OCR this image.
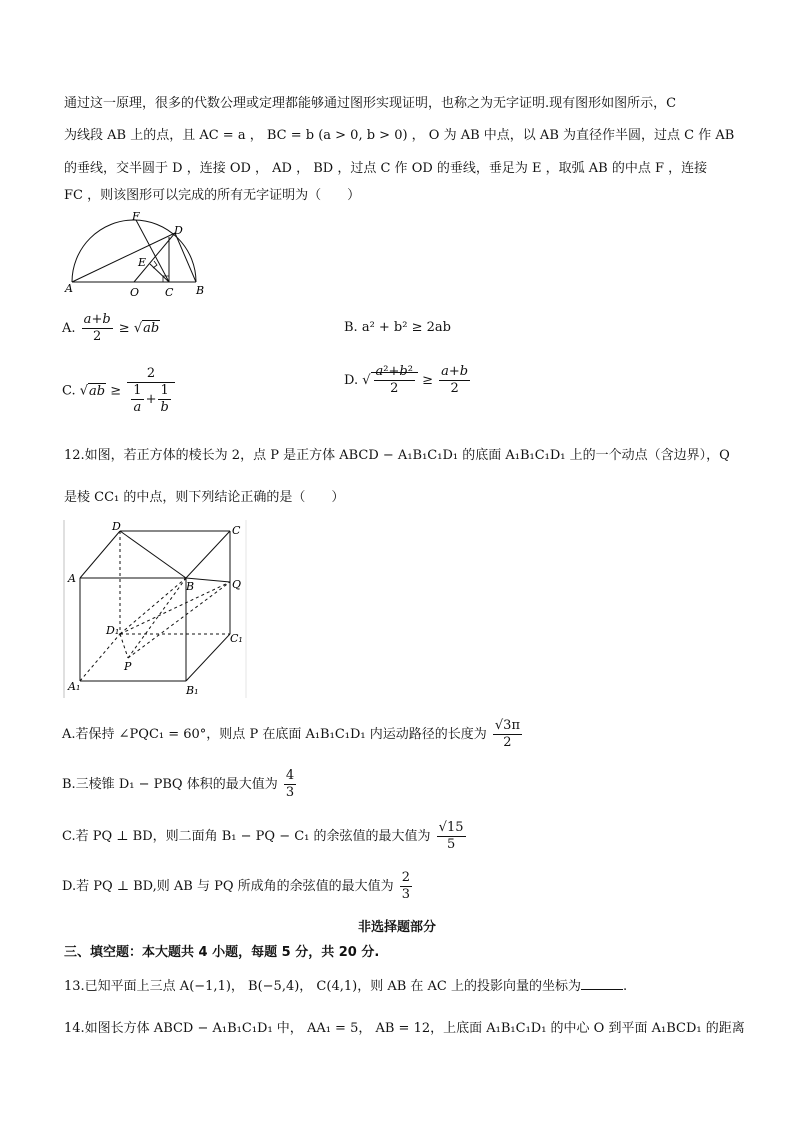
通过这一原理，很多的代数公理或定理都能够通过图形实现证明，也称之为无字证明.现有图形如图所示，C
为线段 AB 上的点，且 AC = a ， BC = b (a > 0, b > 0) ， O 为 AB 中点，以 AB 为直径作半圆，过点 C 作 AB
的垂线，交半圆于 D ，连接 OD ， AD ， BD ，过点 C 作 OD 的垂线，垂足为 E ，取弧 AB 的中点 F ，连接
FC ，则该图形可以完成的所有无字证明为（　　）
F
D
E
A	O C B
A. $\frac{a+b}{2} \ge √ab$	B. a² + b² ≥ 2ab
C. $√ab \ge \frac{2}{\frac{1}{a} + \frac{1}{b}}$	D. √ $\frac{\text{a²+b²}}{2} \ge \frac{a+b}{2}$
12.如图，若正方体的棱长为 2，点 P 是正方体 ABCD − A₁B₁C₁D₁ 的底面 A₁B₁C₁D₁ 上的一个动点（含边界），Q
是棱 CC₁ 的中点，则下列结论正确的是（　　）
D	C
A
B	Q
D₁
C₁
P
A₁	B₁
A.若保持 ∠PQC₁ = 60°，则点 P 在底面 A₁B₁C₁D₁ 内运动路径的长度为 $\frac{√3\pi}{2}$
B.三棱锥 D₁ − PBQ 体积的最大值为 $\frac{4}{3}$
C.若 PQ ⊥ BD，则二面角 B₁ − PQ − C₁ 的余弦值的最大值为 $\frac{√15}{5}$
D.若 PQ ⊥ BD,则 AB 与 PQ 所成角的余弦值的最大值为 $\frac{2}{3}$
非选择题部分
三、填空题：本大题共 4 小题，每题 5 分，共 20 分.
13.已知平面上三点 A(−1,1)， B(−5,4)， C(4,1)，则 AB 在 AC 上的投影向量的坐标为	.
14.如图长方体 ABCD − A₁B₁C₁D₁ 中， AA₁ = 5， AB = 12，上底面 A₁B₁C₁D₁ 的中心 O 到平面 A₁BCD₁ 的距离
